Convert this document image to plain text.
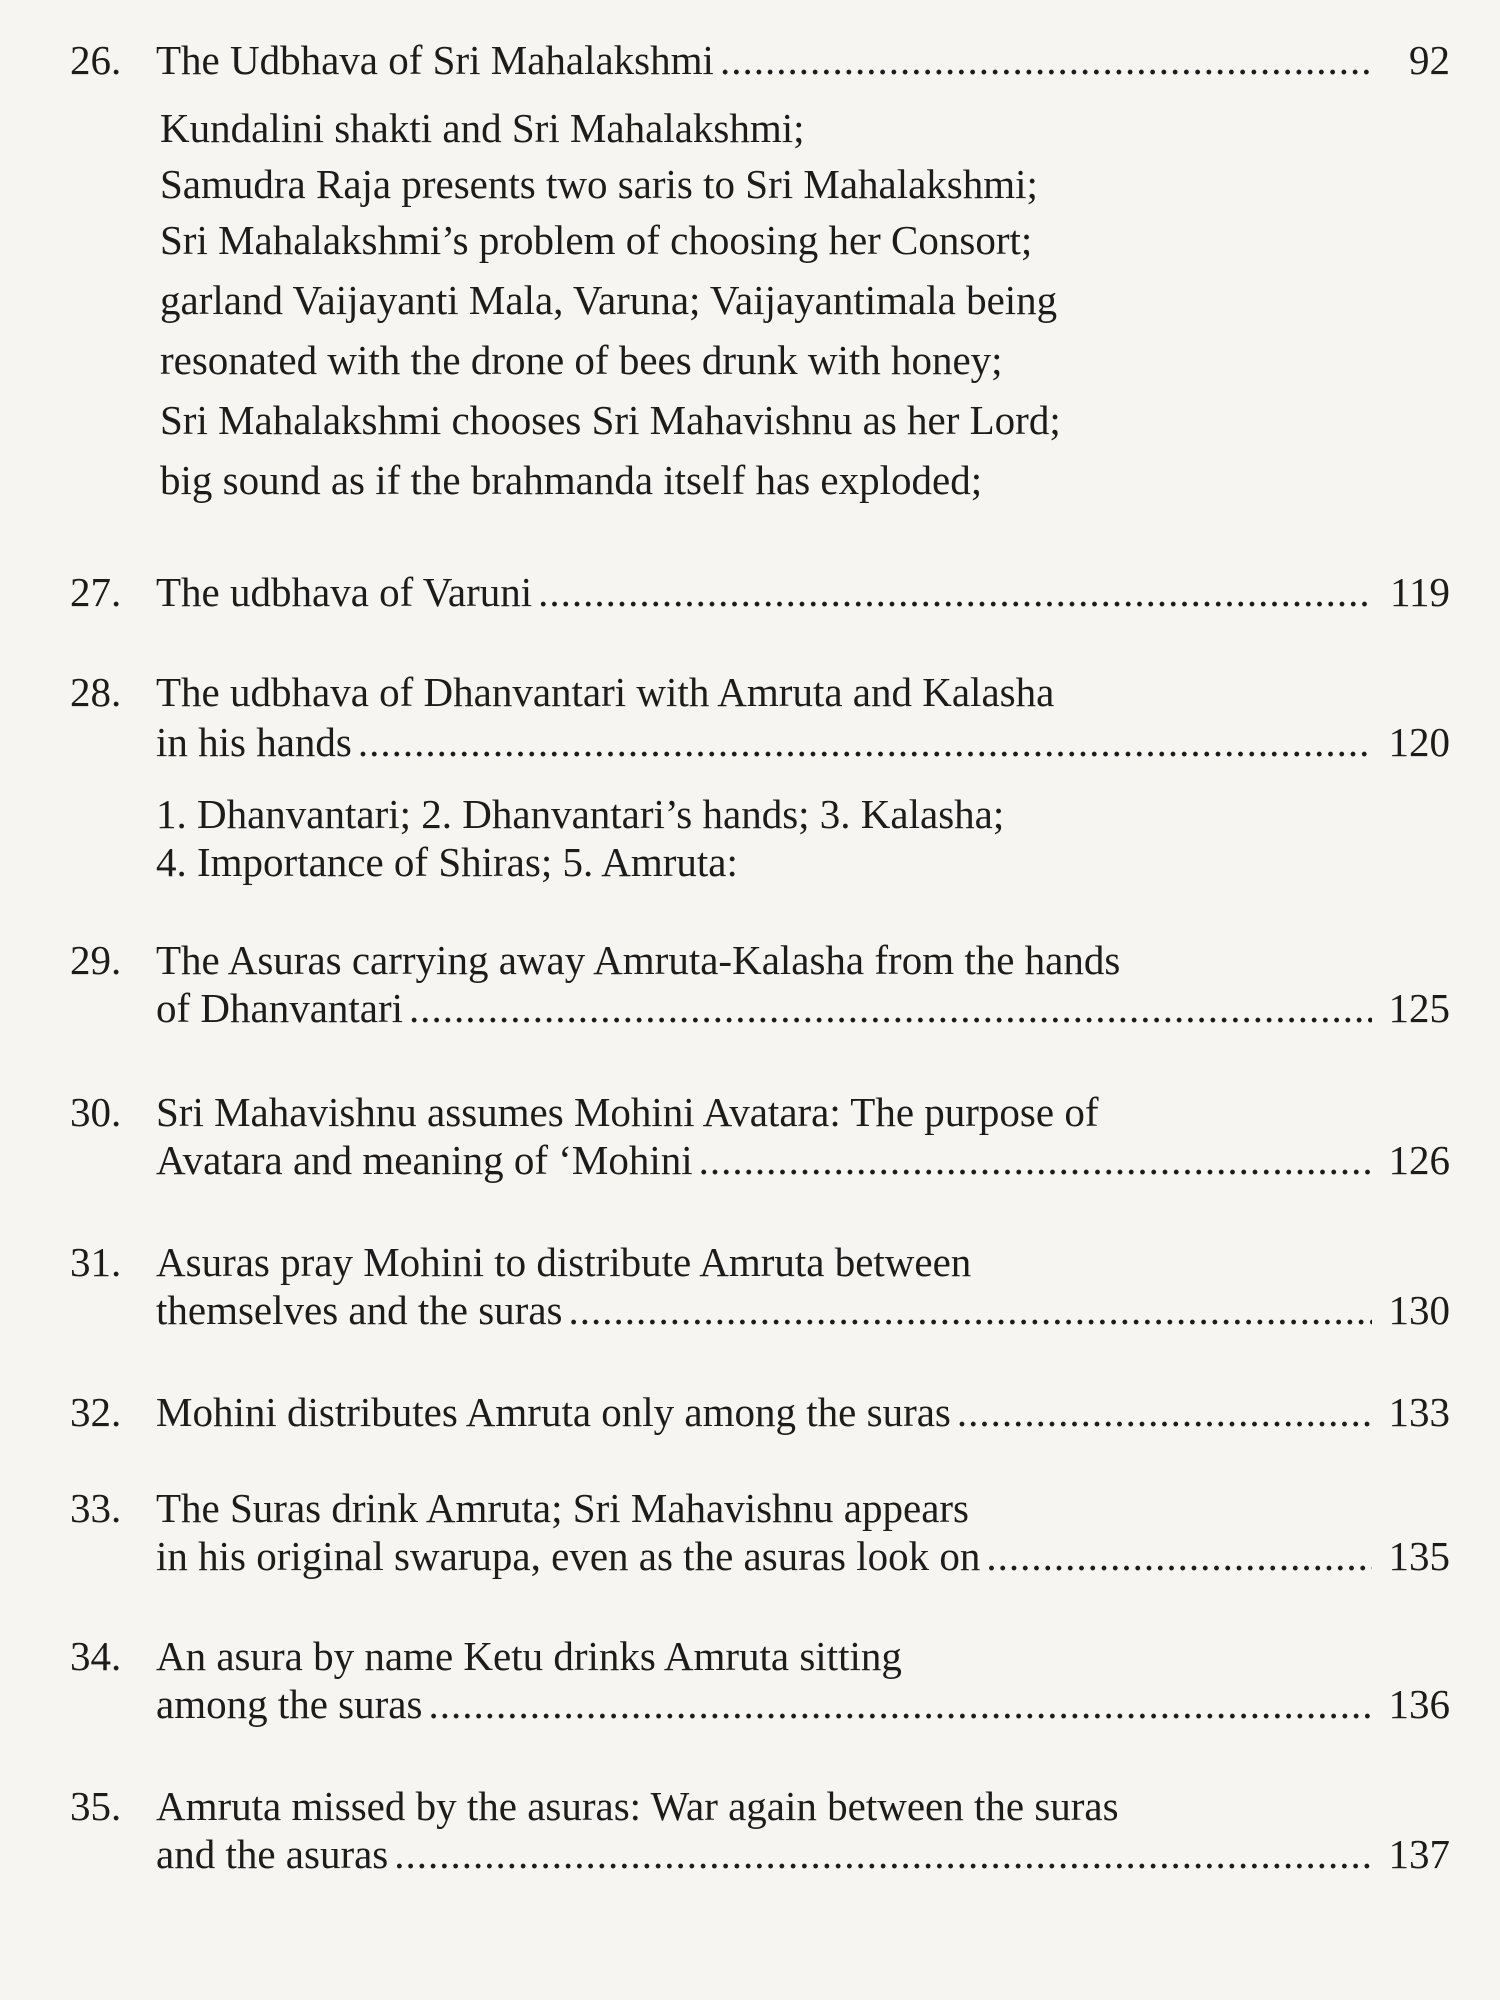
26. The Udbhava of Sri Mahalakshmi .....	92
Kundalini shakti and Sri Mahalakshmi;
Samudra Raja presents two saris to Sri Mahalakshmi;
Sri Mahalakshmi’s problem of choosing her Consort;
garland Vaijayanti Mala, Varuna; Vaijayantimala being
resonated with the drone of bees drunk with honey;
Sri Mahalakshmi chooses Sri Mahavishnu as her Lord;
big sound as if the brahmanda itself has exploded;
27. The udbhava of Varuni .....	119
28. The udbhava of Dhanvantari with Amruta and Kalasha
in his hands .....	120
1. Dhanvantari; 2. Dhanvantari’s hands; 3. Kalasha;
4. Importance of Shiras; 5. Amruta:
29. The Asuras carrying away Amruta-Kalasha from the hands
of Dhanvantari .....	125
30. Sri Mahavishnu assumes Mohini Avatara: The purpose of
Avatara and meaning of ‘Mohini .....	126
31. Asuras pray Mohini to distribute Amruta between
themselves and the suras .....	130
32. Mohini distributes Amruta only among the suras .....	133
33. The Suras drink Amruta; Sri Mahavishnu appears
in his original swarupa, even as the asuras look on .....	135
34. An asura by name Ketu drinks Amruta sitting
among the suras .....	136
35. Amruta missed by the asuras: War again between the suras
and the asuras .....	137
